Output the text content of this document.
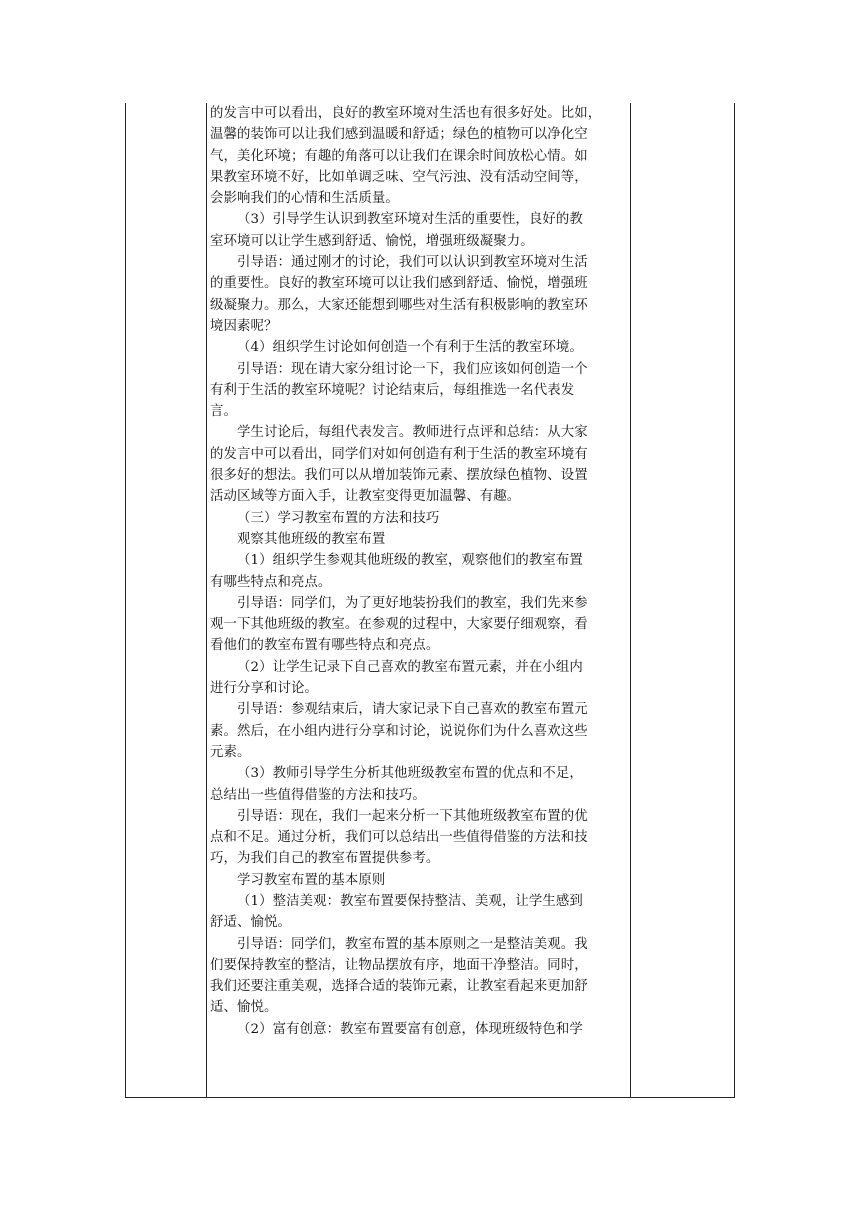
的发言中可以看出，良好的教室环境对生活也有很多好处。比如，
温馨的装饰可以让我们感到温暖和舒适；绿色的植物可以净化空
气，美化环境；有趣的角落可以让我们在课余时间放松心情。如
果教室环境不好，比如单调乏味、空气污浊、没有活动空间等，
会影响我们的心情和生活质量。
（3）引导学生认识到教室环境对生活的重要性，良好的教
室环境可以让学生感到舒适、愉悦，增强班级凝聚力。
引导语：通过刚才的讨论，我们可以认识到教室环境对生活
的重要性。良好的教室环境可以让我们感到舒适、愉悦，增强班
级凝聚力。那么，大家还能想到哪些对生活有积极影响的教室环
境因素呢？
（4）组织学生讨论如何创造一个有利于生活的教室环境。
引导语：现在请大家分组讨论一下，我们应该如何创造一个
有利于生活的教室环境呢？讨论结束后，每组推选一名代表发
言。
学生讨论后，每组代表发言。教师进行点评和总结：从大家
的发言中可以看出，同学们对如何创造有利于生活的教室环境有
很多好的想法。我们可以从增加装饰元素、摆放绿色植物、设置
活动区域等方面入手，让教室变得更加温馨、有趣。
（三）学习教室布置的方法和技巧
观察其他班级的教室布置
（1）组织学生参观其他班级的教室，观察他们的教室布置
有哪些特点和亮点。
引导语：同学们，为了更好地装扮我们的教室，我们先来参
观一下其他班级的教室。在参观的过程中，大家要仔细观察，看
看他们的教室布置有哪些特点和亮点。
（2）让学生记录下自己喜欢的教室布置元素，并在小组内
进行分享和讨论。
引导语：参观结束后，请大家记录下自己喜欢的教室布置元
素。然后，在小组内进行分享和讨论，说说你们为什么喜欢这些
元素。
（3）教师引导学生分析其他班级教室布置的优点和不足，
总结出一些值得借鉴的方法和技巧。
引导语：现在，我们一起来分析一下其他班级教室布置的优
点和不足。通过分析，我们可以总结出一些值得借鉴的方法和技
巧，为我们自己的教室布置提供参考。
学习教室布置的基本原则
（1）整洁美观：教室布置要保持整洁、美观，让学生感到
舒适、愉悦。
引导语：同学们，教室布置的基本原则之一是整洁美观。我
们要保持教室的整洁，让物品摆放有序，地面干净整洁。同时，
我们还要注重美观，选择合适的装饰元素，让教室看起来更加舒
适、愉悦。
（2）富有创意：教室布置要富有创意，体现班级特色和学
